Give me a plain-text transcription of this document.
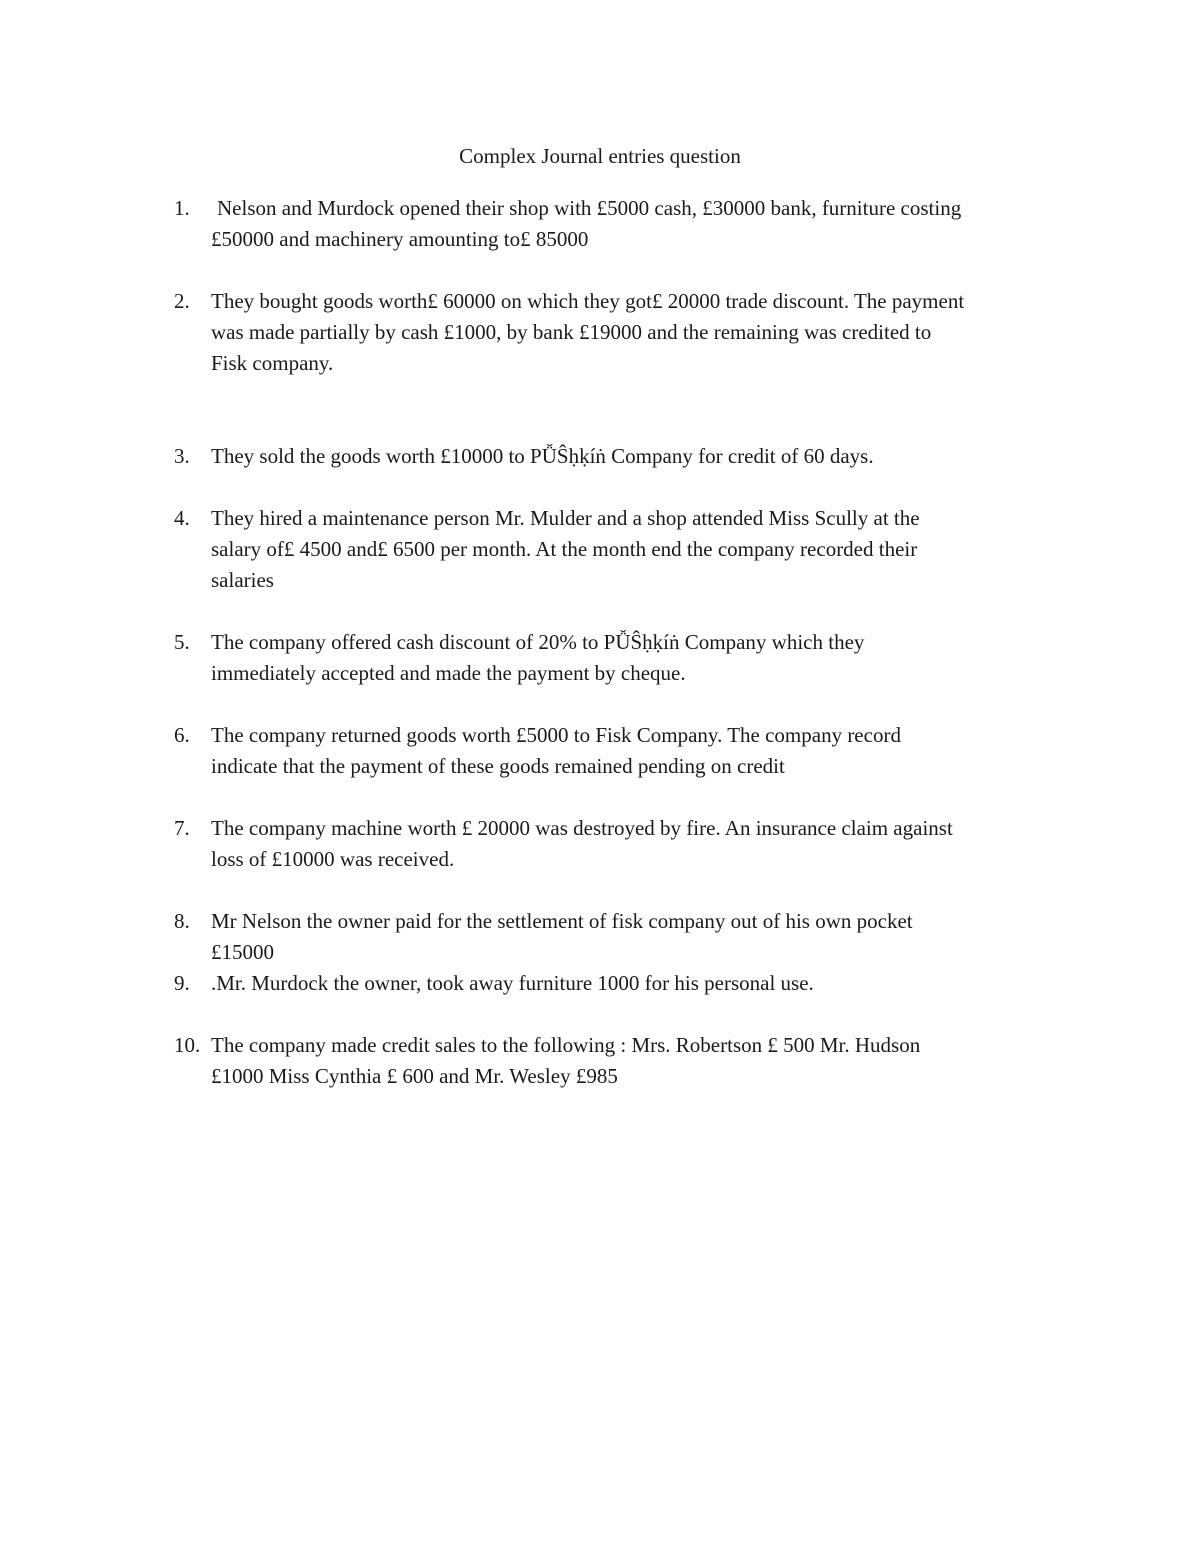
Complex Journal entries question
1.	Nelson and Murdock opened their shop with £5000 cash, £30000 bank, furniture costing
£50000 and machinery amounting to£ 85000
2.	They bought goods worth£ 60000 on which they got£ 20000 trade discount. The payment
was made partially by cash £1000, by bank £19000 and the remaining was credited to
Fisk company.
3.	They sold the goods worth £10000 to PǙŜḥḳíṅ Company for credit of 60 days.
4.	They hired a maintenance person Mr. Mulder and a shop attended Miss Scully at the
salary of£ 4500 and£ 6500 per month. At the month end the company recorded their
salaries
5.	The company offered cash discount of 20% to PǙŜḥḳíṅ Company which they
immediately accepted and made the payment by cheque.
6.	The company returned goods worth £5000 to Fisk Company. The company record
indicate that the payment of these goods remained pending on credit
7.	The company machine worth £ 20000 was destroyed by fire. An insurance claim against
loss of £10000 was received.
8.	Mr Nelson the owner paid for the settlement of fisk company out of his own pocket
£15000
9.	.Mr. Murdock the owner, took away furniture 1000 for his personal use.
10. The company made credit sales to the following : Mrs. Robertson £ 500 Mr. Hudson
£1000 Miss Cynthia £ 600 and Mr. Wesley £985
